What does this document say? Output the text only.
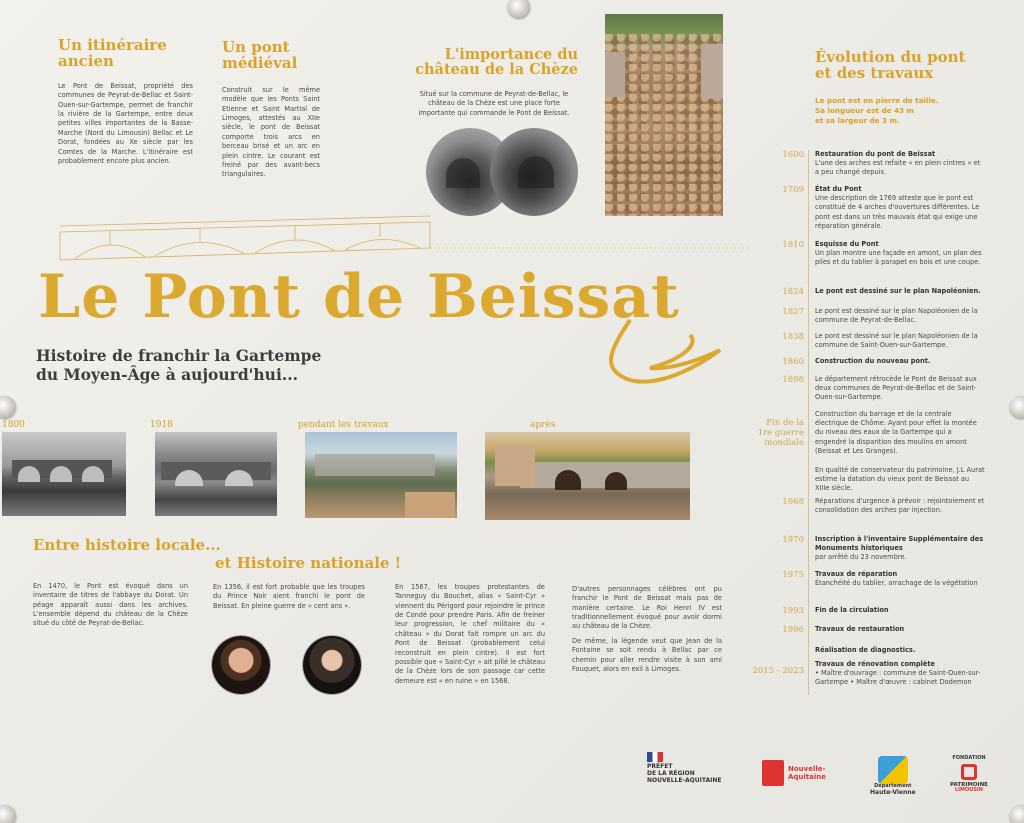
Un itinéraire
ancien
Le Pont de Beissat, propriété des communes de Peyrat-de-Bellac et Saint-Ouen-sur-Gartempe, permet de franchir la rivière de la Gartempe, entre deux petites villes importantes de la Basse-Marche (Nord du Limousin) Bellac et Le Dorat, fondées au Xe siècle par les Comtes de la Marche. L'itinéraire est probablement encore plus ancien.
Un pont
médiéval
Construit sur le même modèle que les Ponts Saint Etienne et Saint Martial de Limoges, attestés au XIIe siècle, le pont de Beissat comporte trois arcs en berceau brisé et un arc en plein cintre. Le courant est freiné par des avant-becs triangulaires.
L'importance du
château de la Chèze
Situé sur la commune de Peyrat-de-Bellac, le château de la Chèze est une place forte importante qui commande le Pont de Beissat.
Évolution du pont
et des travaux
Le pont est en pierre de taille.
Sa longueur est de 43 m
et sa largeur de 3 m.
Le Pont de Beissat
Histoire de franchir la Gartempe
du Moyen-Âge à aujourd'hui...
1800	1918	pendant les travaux	après
Entre histoire locale...
et Histoire nationale !
En 1470, le Pont est évoqué dans un inventaire de titres de l'abbaye du Dorat. Un péage apparaît aussi dans les archives. L'ensemble dépend du château de la Chèze situé du côté de Peyrat-de-Bellac.
En 1356, il est fort probable que les troupes du Prince Noir aient franchi le pont de Beissat. En pleine guerre de « cent ans ».
En 1567, les troupes protestantes de Tanneguy du Bouchet, alias « Saint-Cyr » viennent du Périgord pour rejoindre le prince de Condé pour prendre Paris. Afin de freiner leur progression, le chef militaire du « château » du Dorat fait rompre un arc du Pont de Beissat (probablement celui reconstruit en plein cintre). Il est fort possible que « Saint-Cyr » ait pillé le château de la Chèze lors de son passage car cette demeure est « en ruine » en 1568.
D'autres personnages célèbres ont pu franchir le Pont de Beissat mais pas de manière certaine. Le Roi Henri IV est traditionnellement évoqué pour avoir dormi au château de la Chèze.
De même, la légende veut que Jean de la Fontaine se soit rendu à Bellac par ce chemin pour aller rendre visite à son ami Fouquet, alors en exil à Limoges.
1600 Restauration du pont de Beissat
L'une des arches est refaite « en plein cintres » et a peu changé depuis.
1709 État du Pont
Une description de 1769 atteste que le pont est constitué de 4 arches d'ouvertures différentes. Le pont est dans un très mauvais état qui exige une réparation générale.
1810 Esquisse du Pont
Un plan montre une façade en amont, un plan des piles et du tablier à parapet en bois et une coupe.
1824 Le pont est dessiné sur le plan Napoléonien.
1827 Le pont est dessiné sur le plan Napoléonien de la commune de Peyrat-de-Bellac.
1838 Le pont est dessiné sur le plan Napoléonien de la commune de Saint-Ouen-sur-Gartempe.
1860 Construction du nouveau pont.
1898 Le département rétrocède le Pont de Beissat aux deux communes de Peyrat-de-Bellac et de Saint-Ouen-sur-Gartempe.
Fin de la 1re guerre mondiale
Construction du barrage et de la centrale électrique de Chôme. Ayant pour effet la montée du niveau des eaux de la Gartempe qui a engendré la disparition des moulins en amont (Beissat et Les Granges).
En qualité de conservateur du patrimoine, J.L Aurat estime la datation du vieux pont de Beissat au XIIIe siècle.
1968 Réparations d'urgence à prévoir : rejointoiement et consolidation des arches par injection.
1970 Inscription à l'inventaire Supplémentaire des Monuments historiques
par arrêté du 23 novembre.
1975 Travaux de réparation
Étanchéité du tablier, arrachage de la végétation
1993 Fin de la circulation
1996 Travaux de restauration
Réalisation de diagnostics.
2015 - 2023
Travaux de rénovation complète
• Maître d'ouvrage : commune de Saint-Ouen-sur-Gartempe • Maître d'œuvre : cabinet Dodemon
PRÉFET
DE LA RÉGION
NOUVELLE-AQUITAINE
Nouvelle-
Aquitaine
Département
Haute-Vienne
FONDATION
PATRIMOINE
LIMOUSIN
